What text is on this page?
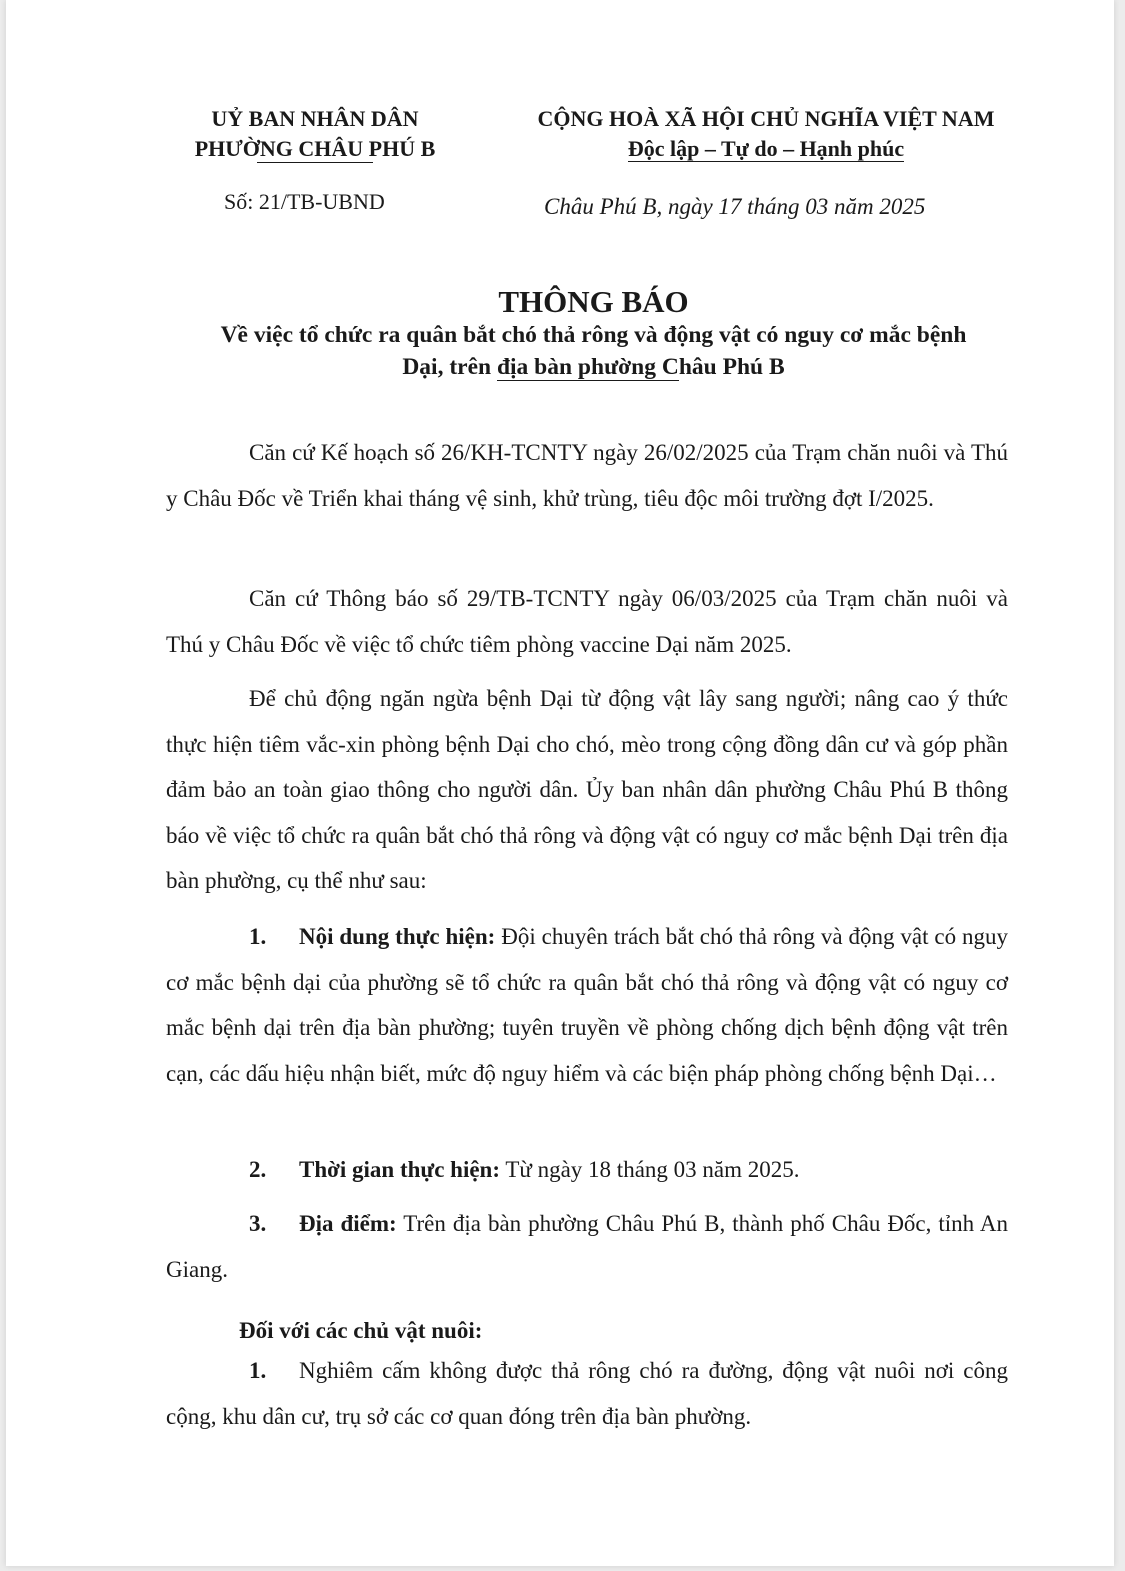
UỶ BAN NHÂN DÂN
PHƯỜNG CHÂU PHÚ B
CỘNG HOÀ XÃ HỘI CHỦ NGHĨA VIỆT NAM
Độc lập – Tự do – Hạnh phúc
Số: 21/TB-UBND	Châu Phú B, ngày 17 tháng 03 năm 2025
THÔNG BÁO
Về việc tổ chức ra quân bắt chó thả rông và động vật có nguy cơ mắc bệnh
Dại, trên địa bàn phường Châu Phú B
Căn cứ Kế hoạch số 26/KH-TCNTY ngày 26/02/2025 của Trạm chăn nuôi và Thú y Châu Đốc về Triển khai tháng vệ sinh, khử trùng, tiêu độc môi trường đợt I/2025.
Căn cứ Thông báo số 29/TB-TCNTY ngày 06/03/2025 của Trạm chăn nuôi và Thú y Châu Đốc về việc tổ chức tiêm phòng vaccine Dại năm 2025.
Để chủ động ngăn ngừa bệnh Dại từ động vật lây sang người; nâng cao ý thức thực hiện tiêm vắc-xin phòng bệnh Dại cho chó, mèo trong cộng đồng dân cư và góp phần đảm bảo an toàn giao thông cho người dân. Ủy ban nhân dân phường Châu Phú B thông báo về việc tổ chức ra quân bắt chó thả rông và động vật có nguy cơ mắc bệnh Dại trên địa bàn phường, cụ thể như sau:
1. Nội dung thực hiện: Đội chuyên trách bắt chó thả rông và động vật có nguy cơ mắc bệnh dại của phường sẽ tổ chức ra quân bắt chó thả rông và động vật có nguy cơ mắc bệnh dại trên địa bàn phường; tuyên truyền về phòng chống dịch bệnh động vật trên cạn, các dấu hiệu nhận biết, mức độ nguy hiểm và các biện pháp phòng chống bệnh Dại…
2. Thời gian thực hiện: Từ ngày 18 tháng 03 năm 2025.
3. Địa điểm: Trên địa bàn phường Châu Phú B, thành phố Châu Đốc, tỉnh An Giang.
Đối với các chủ vật nuôi:
1. Nghiêm cấm không được thả rông chó ra đường, động vật nuôi nơi công cộng, khu dân cư, trụ sở các cơ quan đóng trên địa bàn phường.
